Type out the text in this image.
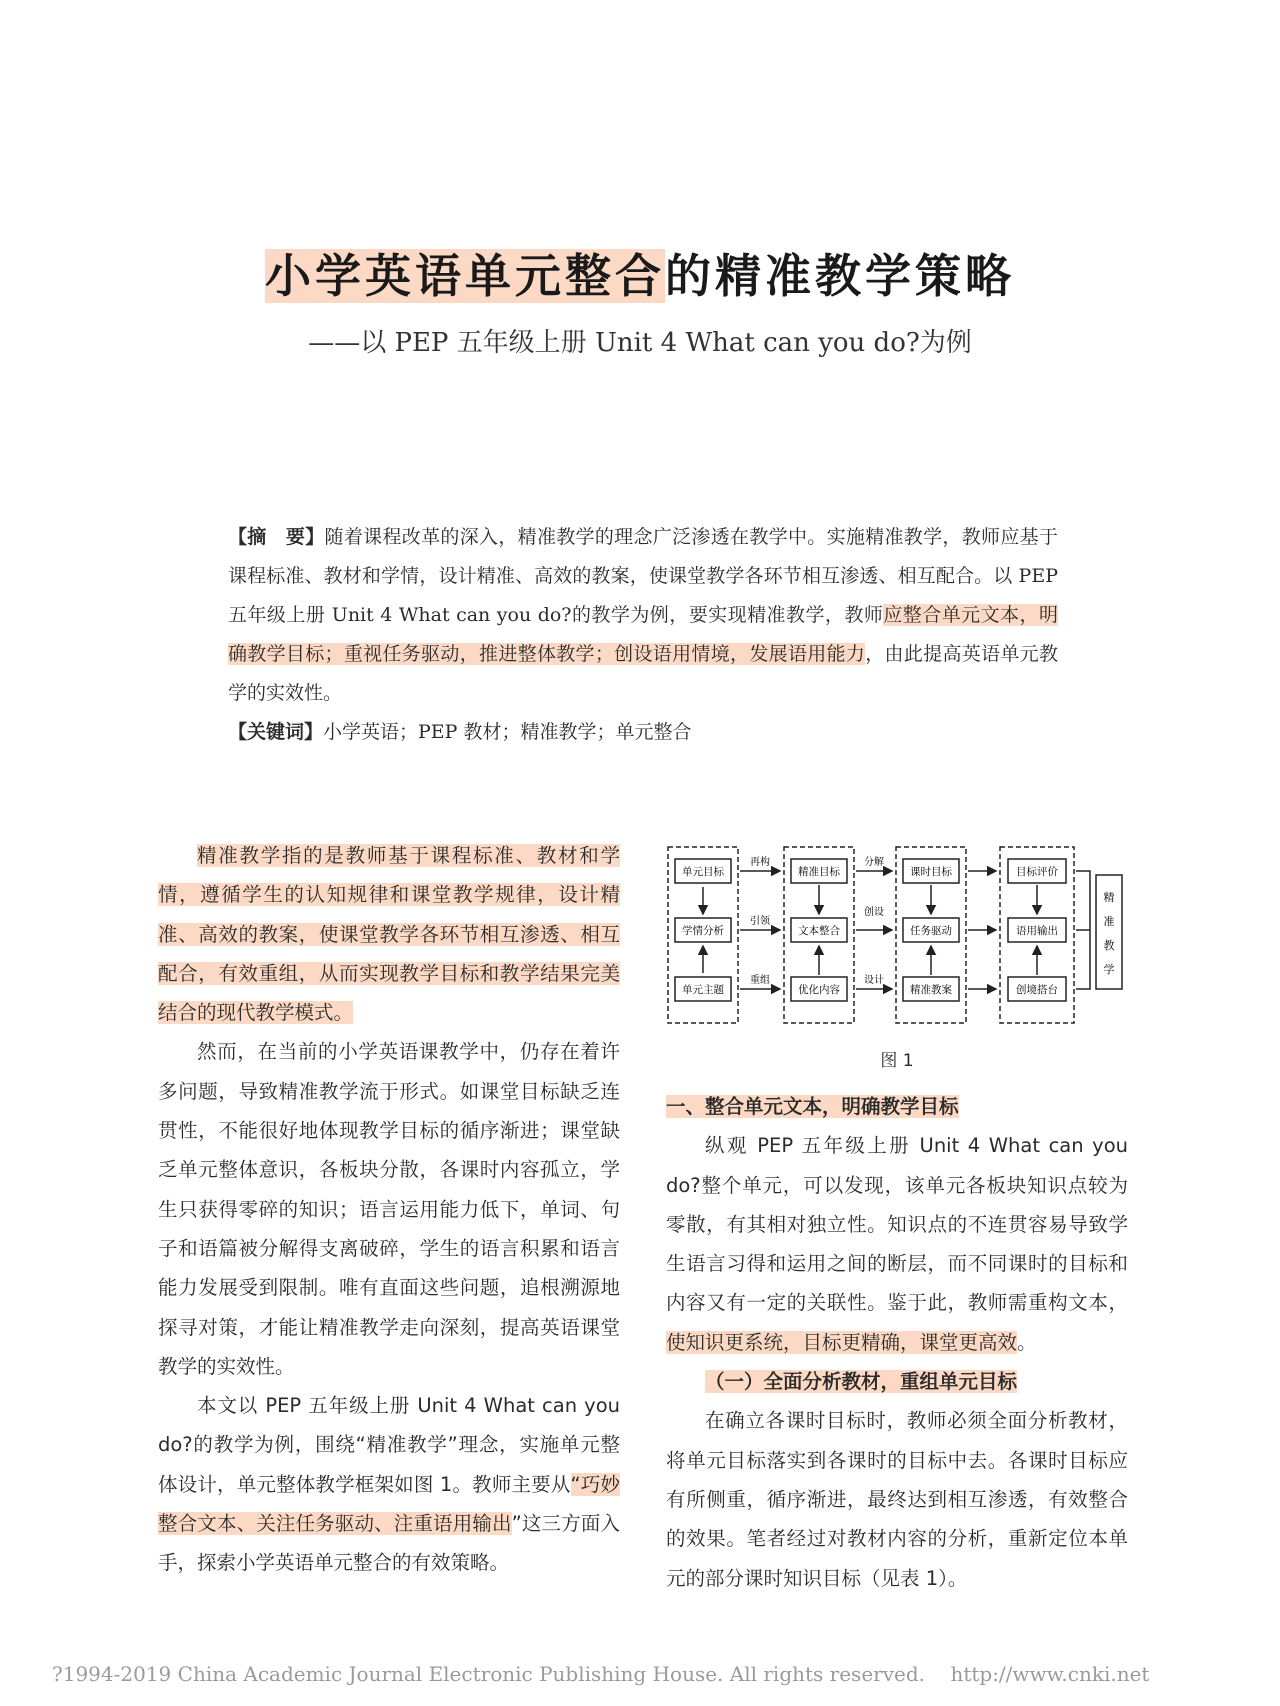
小学英语单元整合的精准教学策略
——以 PEP 五年级上册 Unit 4 What can you do?为例

【摘　要】随着课程改革的深入，精准教学的理念广泛渗透在教学中。实施精准教学，教师应基于课程标准、教材和学情，设计精准、高效的教案，使课堂教学各环节相互渗透、相互配合。以 PEP 五年级上册 Unit 4 What can you do?的教学为例，要实现精准教学，教师应整合单元文本，明确教学目标；重视任务驱动，推进整体教学；创设语用情境，发展语用能力，由此提高英语单元教学的实效性。

【关键词】小学英语；PEP 教材；精准教学；单元整合

精准教学指的是教师基于课程标准、教材和学情，遵循学生的认知规律和课堂教学规律，设计精准、高效的教案，使课堂教学各环节相互渗透、相互配合，有效重组，从而实现教学目标和教学结果完美结合的现代教学模式。

然而，在当前的小学英语课教学中，仍存在着许多问题，导致精准教学流于形式。如课堂目标缺乏连贯性，不能很好地体现教学目标的循序渐进；课堂缺乏单元整体意识，各板块分散，各课时内容孤立，学生只获得零碎的知识；语言运用能力低下，单词、句子和语篇被分解得支离破碎，学生的语言积累和语言能力发展受到限制。唯有直面这些问题，追根溯源地探寻对策，才能让精准教学走向深刻，提高英语课堂教学的实效性。

本文以 PEP 五年级上册 Unit 4 What can you do?的教学为例，围绕“精准教学”理念，实施单元整体设计，单元整体教学框架如图 1。教师主要从“巧妙整合文本、关注任务驱动、注重语用输出”这三方面入手，探索小学英语单元整合的有效策略。

单元目标
学情分析
单元主题
精准目标
文本整合
优化内容
课时目标
任务驱动
精准教案
目标评价
语用输出
创境搭台
再构
引领
重组
分解
创设
设计
精
准
教
学
图 1

一、整合单元文本，明确教学目标

纵观 PEP 五年级上册 Unit 4 What can you do?整个单元，可以发现，该单元各板块知识点较为零散，有其相对独立性。知识点的不连贯容易导致学生语言习得和运用之间的断层，而不同课时的目标和内容又有一定的关联性。鉴于此，教师需重构文本，使知识更系统，目标更精确，课堂更高效。

（一）全面分析教材，重组单元目标

在确立各课时目标时，教师必须全面分析教材，将单元目标落实到各课时的目标中去。各课时目标应有所侧重，循序渐进，最终达到相互渗透，有效整合的效果。笔者经过对教材内容的分析，重新定位本单元的部分课时知识目标（见表 1）。

?1994-2019 China Academic Journal Electronic Publishing House. All rights reserved.    http://www.cnki.net
